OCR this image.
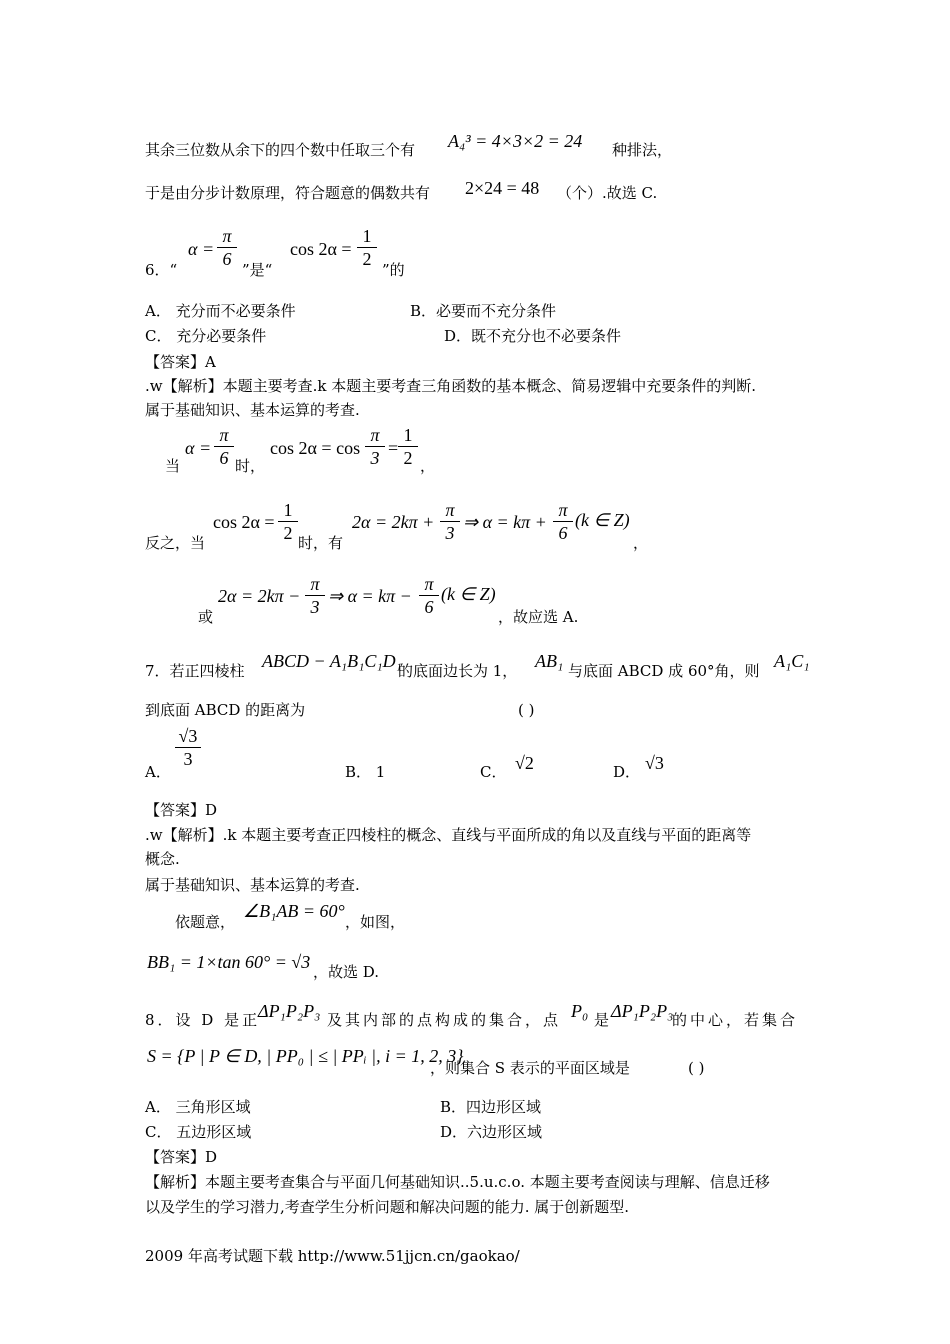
其余三位数从余下的四个数中任取三个有 A₄³ = 4×3×2 = 24 种排法，
于是由分步计数原理，符合题意的偶数共有 2×24 = 48 （个）.故选 C.
6．“
α =
π
6
”是“
cos 2α =
1
2
”的
A． 充分而不必要条件	B．必要而不充分条件
C． 充分必要条件	D．既不充分也不必要条件
【答案】A
.w【解析】本题主要考查.k 本题主要考查三角函数的基本概念、简易逻辑中充要条件的判断.
属于基础知识、基本运算的考查.
当
α =
π
6 时，
cos 2α = cos
π
3 =
1
2 ，
反之，当
cos 2α =
1
2 时，有
2α = 2kπ +
π
3
⇒ α = kπ +
π
6
(k ∈ Z)
，
或
2α = 2kπ −
π
3
⇒ α = kπ −
π
6
(k ∈ Z)
，故应选 A.
7．若正四棱柱 ABCD − A₁B₁C₁D₁
的底面边长为 1， AB₁ 与底面 ABCD 成 60°角，则 A₁C₁
到底面 ABCD 的距离为	( )
A．
√3
3
B． 1	C． √2	D． √3
【答案】D
.w【解析】.k 本题主要考查正四棱柱的概念、直线与平面所成的角以及直线与平面的距离等
概念.
属于基础知识、基本运算的考查.
依题意，
∠B₁AB = 60°
，如图，
BB₁ = 1×tan 60° = √3 ，故选 D.
8．设 D 是正
ΔP₁P₂P₃ 及其内部的点构成的集合，点 P₀ 是 ΔP₁P₂P₃
的中心，若集合
S = {P | P ∈ D, | PP₀ | ≤ | PPᵢ |, i = 1, 2, 3}
，则集合 S 表示的平面区域是	( )
A． 三角形区域	B．四边形区域
C． 五边形区域	D．六边形区域
【答案】D
【解析】本题主要考查集合与平面几何基础知识..5.u.c.o. 本题主要考查阅读与理解、信息迁移
以及学生的学习潜力,考查学生分析问题和解决问题的能力. 属于创新题型.
2009 年高考试题下载 http://www.51jjcn.cn/gaokao/
